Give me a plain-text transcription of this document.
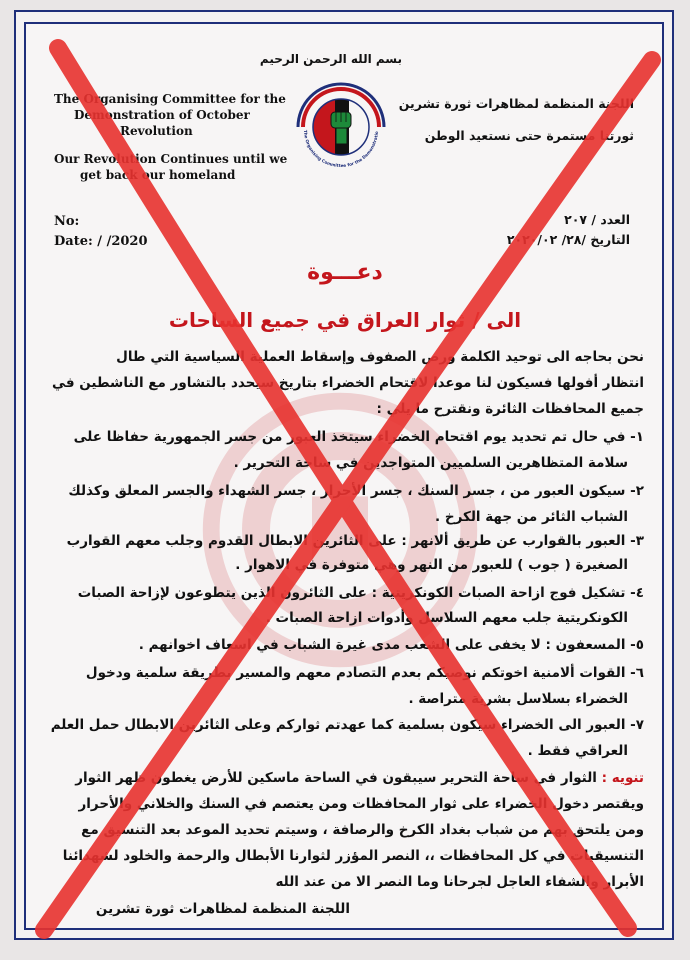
The Organising Committee for the

Demonstration of October

Revolution

Our Revolution Continues until we

get back our homeland

بسم الله الرحمن الرحيم

The Organising Committee for the Demonstratio

اللجنة المنظمة لمظاهرات ثورة تشرين

ثورتنا مستمرة حتى نستعيد الوطن

No:

Date: / /2020

العدد / ٢٠٧

التاريخ /٢٨/ ٢٠٢٠/٠٢

دعـــوة

الى / ثوار العراق في جميع الساحات

نحن بحاجه الى توحيد الكلمة ورص الصفوف وإسقاط العملية السياسية التي طال

انتظار أفولها فسيكون لنا موعدا لاقتحام الخضراء بتاريخ سيحدد بالتشاور مع الناشطين في

جميع المحافظات الثائرة ونقترح ما يلي :

١- في حال تم تحديد يوم اقتحام الخضراء سيتخذ العبور من جسر الجمهورية حفاظا على

سلامة المتظاهرين السلميين المتواجدين في ساحة التحرير .

٢- سيكون العبور من ، جسر السنك ، جسر الأحرار ، جسر الشهداء والجسر المعلق وكذلك

الشباب الثائر من جهة الكرخ .

٣- العبور بالقوارب عن طريق ألانهر : على الثائرين الابطال القدوم وجلب معهم القوارب

الصغيرة ( جوب ) للعبور من النهر وهي متوفرة في الاهوار .

٤- تشكيل فوج ازاحة الصبات الكونكريتية : على الثائرون الذين يتطوعون لإزاحة الصبات

الكونكريتية جلب معهم السلاسل وأدوات ازاحة الصبات .

٥- المسعفون : لا يخفى على الشعب مدى غيرة الشباب في اسعاف اخوانهم .

٦- القوات ألامنية اخوتكم نوصيكم بعدم التصادم معهم والمسير بطريقة سلمية ودخول

الخضراء بسلاسل بشرية متراصة .

٧- العبور الى الخضراء سيكون بسلمية كما عهدتم ثواركم وعلى الثائرين الابطال حمل العلم

العراقي فقط .

تنويه : الثوار في ساحة التحرير سيبقون في الساحة ماسكين للأرض يغطون ظهر الثوار

ويقتصر دخول الخضراء على ثوار المحافظات ومن يعتصم في السنك والخلاني والأحرار

ومن يلتحق بهم من شباب بغداد الكرخ والرصافة ، وسيتم تحديد الموعد بعد التنسيق مع

التنسيقيات في كل المحافظات ،، النصر المؤزر لثوارنا الأبطال والرحمة والخلود لشهدائنا

الأبرار والشفاء العاجل لجرحانا وما النصر الا من عند الله

اللجنة المنظمة لمظاهرات ثورة تشرين
